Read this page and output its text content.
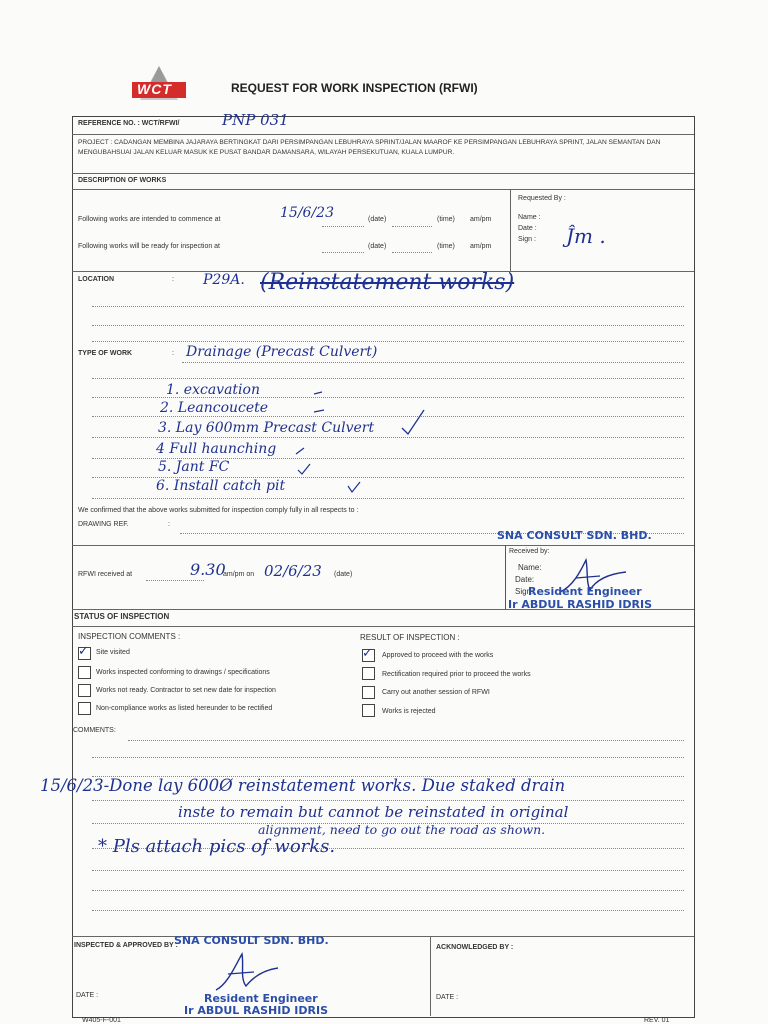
WCT	REQUEST FOR WORK INSPECTION (RFWI)
REFERENCE NO. : WCT/RFWI/	PNP 031
PROJECT : CADANGAN MEMBINA JAJARAYA BERTINGKAT DARI PERSIMPANGAN LEBUHRAYA SPRINT/JALAN MAAROF KE PERSIMPANGAN LEBUHRAYA SPRINT, JALAN SEMANTAN DAN MENGUBAHSUAI JALAN KELUAR MASUK KE PUSAT BANDAR DAMANSARA, WILAYAH PERSEKUTUAN, KUALA LUMPUR.
DESCRIPTION OF WORKS
Following works are intended to commence at	15/6/23	(date)	(time) am/pm
Following works will be ready for inspection at	(date)	(time) am/pm
Requested By :
Name :
Date :
Sign : Ĵm .
LOCATION	: P29A. (Reinstatement works)
TYPE OF WORK	: Drainage (Precast Culvert)
1. excavation
2. Leancoucete
3. Lay 600mm Precast Culvert
4 Full haunching
5. Jant FC
6. Install catch pit
We confirmed that the above works submitted for inspection comply fully in all respects to :
DRAWING REF.	:
SNA CONSULT SDN. BHD.
RFWI received at	9.30
am/pm on 02/6/23 (date)
Received by:
Name:
Date:
Sign:
Resident Engineer
Ir ABDUL RASHID IDRIS
STATUS OF INSPECTION
INSPECTION COMMENTS :	RESULT OF INSPECTION :
✓ Site visited
Works inspected conforming to drawings / specifications
Works not ready. Contractor to set new date for inspection
Non-compliance works as listed hereunder to be rectified
✓ Approved to proceed with the works
Rectification required prior to proceed the works
Carry out another session of RFWI
Works is rejected
COMMENTS:
15/6/23-Done lay 600Ø reinstatement works. Due staked drain
inste to remain but cannot be reinstated in original
alignment, need to go out the road as shown.
* Pls attach pics of works.
INSPECTED & APPROVED BY :	ACKNOWLEDGED BY :
SNA CONSULT SDN. BHD.
Resident Engineer
Ir ABDUL RASHID IDRIS
DATE :	DATE :
W405-F-001	REV. 01
